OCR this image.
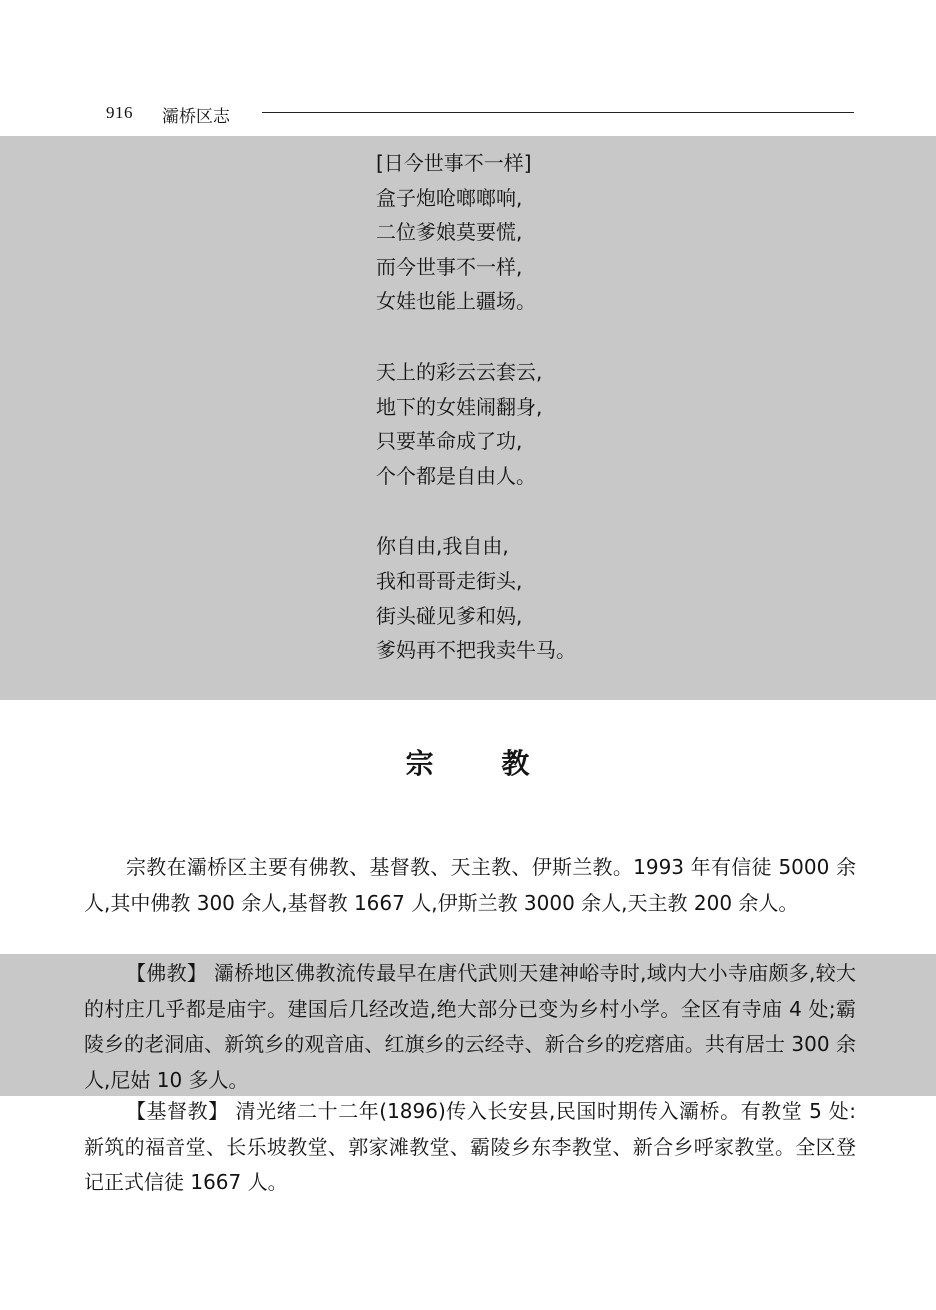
916 灞桥区志
[日今世事不一样]
盒子炮呛啷啷响,
二位爹娘莫要慌,
而今世事不一样,
女娃也能上疆场。
天上的彩云云套云,
地下的女娃闹翻身,
只要革命成了功,
个个都是自由人。
你自由,我自由,
我和哥哥走街头,
街头碰见爹和妈,
爹妈再不把我卖牛马。
宗 教
宗教在灞桥区主要有佛教、基督教、天主教、伊斯兰教。1993 年有信徒 5000 余人,其中佛教 300 余人,基督教 1667 人,伊斯兰教 3000 余人,天主教 200 余人。
【佛教】 灞桥地区佛教流传最早在唐代武则天建神峪寺时,域内大小寺庙颇多,较大的村庄几乎都是庙宇。建国后几经改造,绝大部分已变为乡村小学。全区有寺庙 4 处;霸陵乡的老洞庙、新筑乡的观音庙、红旗乡的云经寺、新合乡的疙瘩庙。共有居士 300 余人,尼姑 10 多人。
【基督教】 清光绪二十二年(1896)传入长安县,民国时期传入灞桥。有教堂 5 处:新筑的福音堂、长乐坡教堂、郭家滩教堂、霸陵乡东李教堂、新合乡呼家教堂。全区登记正式信徒 1667 人。
